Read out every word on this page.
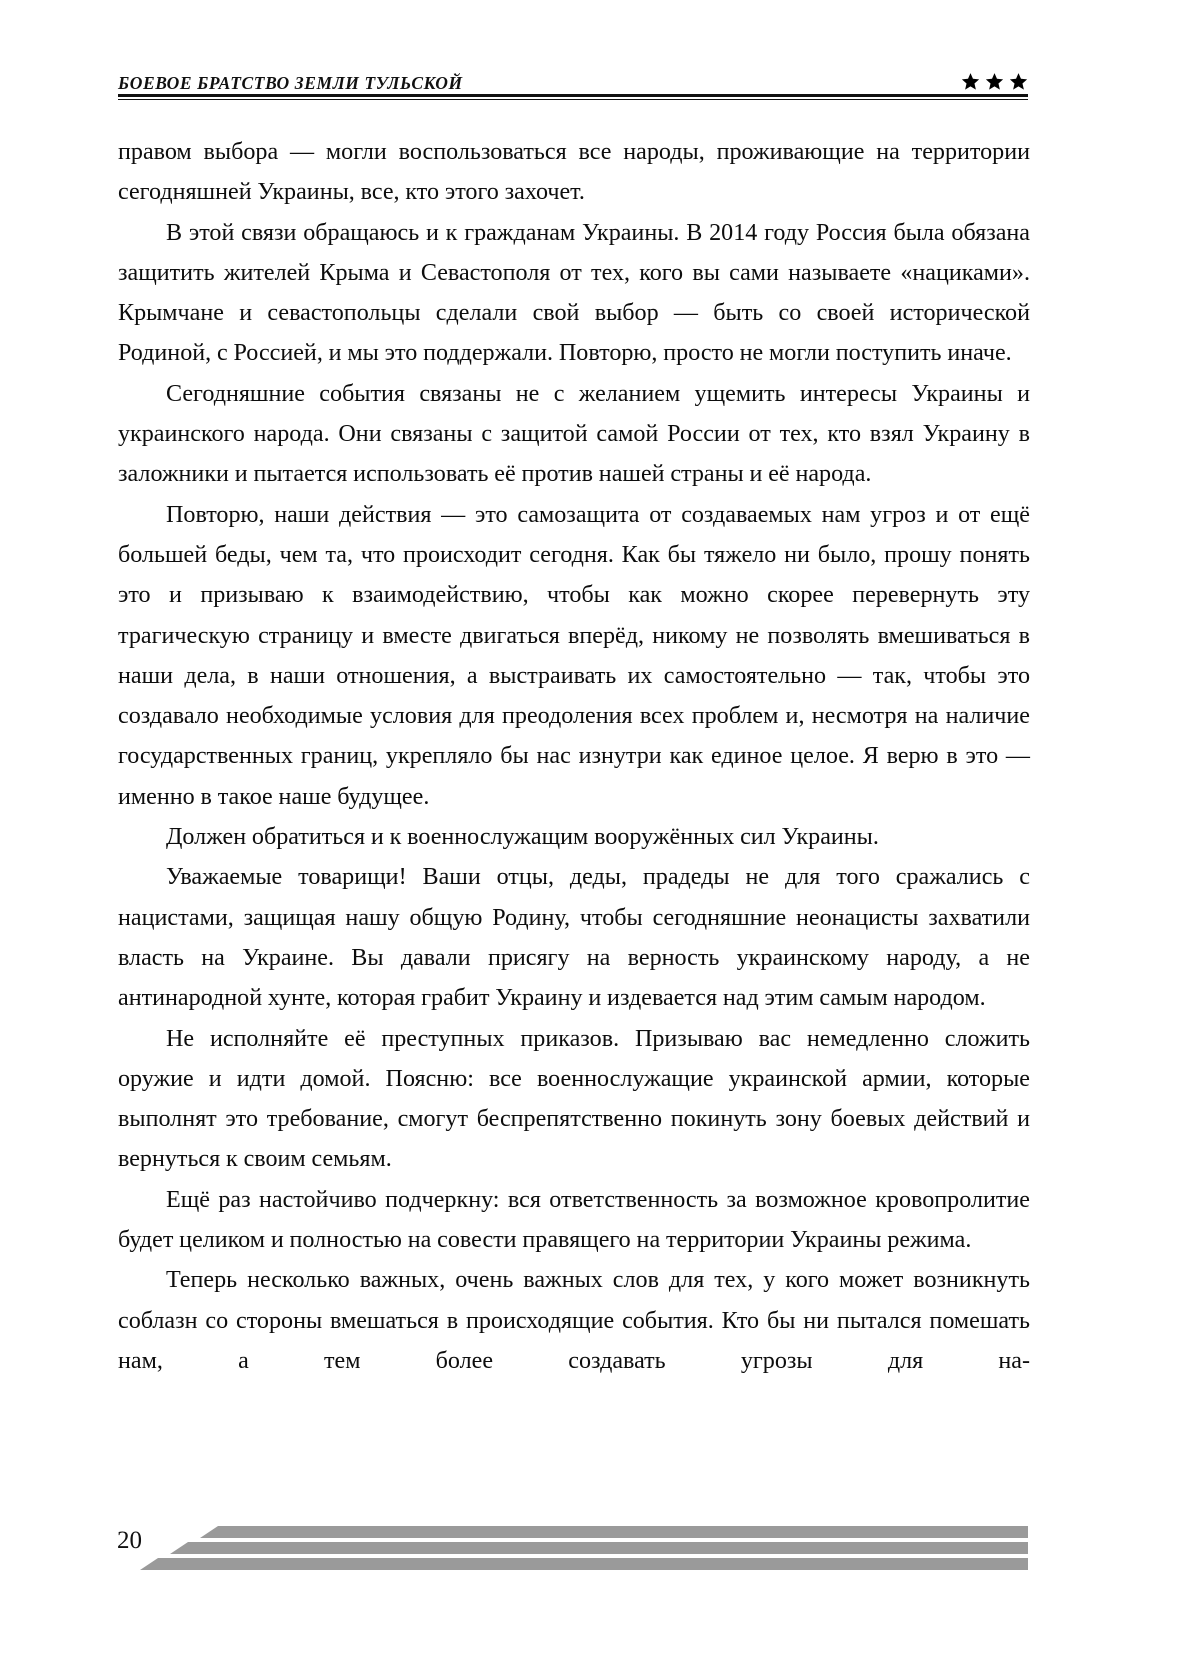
БОЕВОЕ БРАТСТВО ЗЕМЛИ ТУЛЬСКОЙ

правом выбора — могли воспользоваться все народы, проживающие на территории сегодняшней Украины, все, кто этого захочет.

В этой связи обращаюсь и к гражданам Украины. В 2014 году Россия была обязана защитить жителей Крыма и Севастополя от тех, кого вы сами называете «нациками». Крымчане и севастопольцы сделали свой выбор — быть со своей исторической Родиной, с Россией, и мы это поддержали. Повторю, просто не могли поступить иначе.

Сегодняшние события связаны не с желанием ущемить интересы Украины и украинского народа. Они связаны с защитой самой России от тех, кто взял Украину в заложники и пытается использовать её против нашей страны и её народа.

Повторю, наши действия — это самозащита от создаваемых нам угроз и от ещё большей беды, чем та, что происходит сегодня. Как бы тяжело ни было, прошу понять это и призываю к взаимодействию, чтобы как можно скорее перевернуть эту трагическую страницу и вместе двигаться вперёд, никому не позволять вмешиваться в наши дела, в наши отношения, а выстраивать их самостоятельно — так, чтобы это создавало необходимые условия для преодоления всех проблем и, несмотря на наличие государственных границ, укрепляло бы нас изнутри как единое целое. Я верю в это — именно в такое наше будущее.

Должен обратиться и к военнослужащим вооружённых сил Украины.

Уважаемые товарищи! Ваши отцы, деды, прадеды не для того сражались с нацистами, защищая нашу общую Родину, чтобы сегодняшние неонацисты захватили власть на Украине. Вы давали присягу на верность украинскому народу, а не антинародной хунте, которая грабит Украину и издевается над этим самым народом.

Не исполняйте её преступных приказов. Призываю вас немедленно сложить оружие и идти домой. Поясню: все военнослужащие украинской армии, которые выполнят это требование, смогут беспрепятственно покинуть зону боевых действий и вернуться к своим семьям.

Ещё раз настойчиво подчеркну: вся ответственность за возможное кровопролитие будет целиком и полностью на совести правящего на территории Украины режима.

Теперь несколько важных, очень важных слов для тех, у кого может возникнуть соблазн со стороны вмешаться в происходящие события. Кто бы ни пытался помешать нам, а тем более создавать угрозы для на-

20
